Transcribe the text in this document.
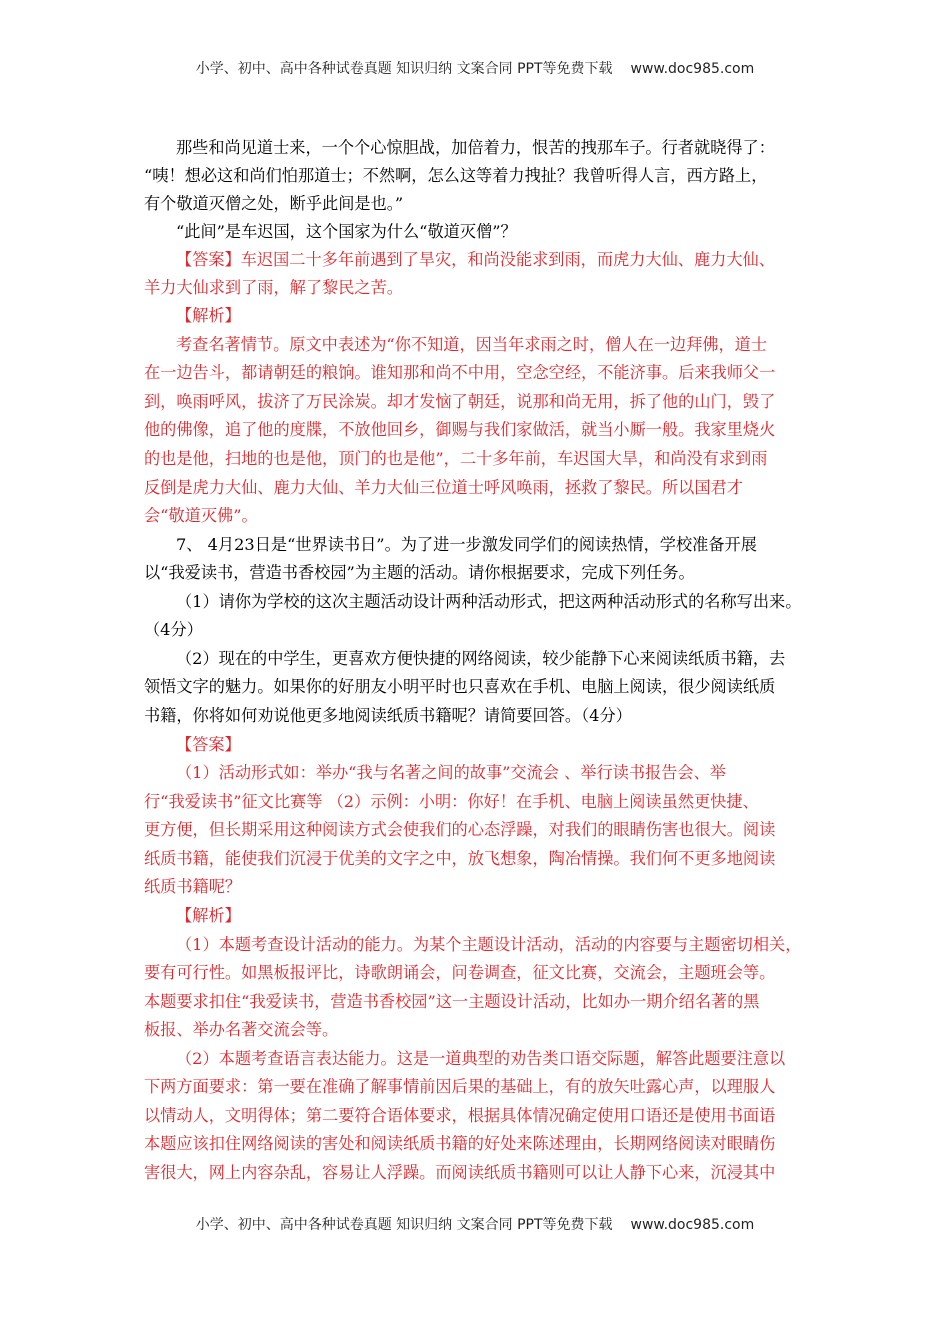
小学、初中、高中各种试卷真题 知识归纳 文案合同 PPT等免费下载 www.doc985.com
那些和尚见道士来，一个个心惊胆战，加倍着力，恨苦的拽那车子。行者就晓得了：
“咦！想必这和尚们怕那道士；不然啊，怎么这等着力拽扯？我曾听得人言，西方路上，
有个敬道灭僧之处，断乎此间是也。”
“此间”是车迟国，这个国家为什么“敬道灭僧”？
【答案】车迟国二十多年前遇到了旱灾，和尚没能求到雨，而虎力大仙、鹿力大仙、
羊力大仙求到了雨，解了黎民之苦。
【解析】
考查名著情节。原文中表述为“你不知道，因当年求雨之时，僧人在一边拜佛，道士
在一边告斗，都请朝廷的粮饷。谁知那和尚不中用，空念空经，不能济事。后来我师父一
到，唤雨呼风，拔济了万民涂炭。却才发恼了朝廷，说那和尚无用，拆了他的山门，毁了
他的佛像，追了他的度牒，不放他回乡，御赐与我们家做活，就当小厮一般。我家里烧火
的也是他，扫地的也是他，顶门的也是他”，二十多年前，车迟国大旱，和尚没有求到雨
反倒是虎力大仙、鹿力大仙、羊力大仙三位道士呼风唤雨，拯救了黎民。所以国君才
会“敬道灭佛”。
7、 4月23日是“世界读书日”。为了进一步激发同学们的阅读热情，学校准备开展
以“我爱读书，营造书香校园”为主题的活动。请你根据要求，完成下列任务。
（1）请你为学校的这次主题活动设计两种活动形式，把这两种活动形式的名称写出来。
（4分）
（2）现在的中学生，更喜欢方便快捷的网络阅读，较少能静下心来阅读纸质书籍，去
领悟文字的魅力。如果你的好朋友小明平时也只喜欢在手机、电脑上阅读，很少阅读纸质
书籍，你将如何劝说他更多地阅读纸质书籍呢？请简要回答。（4分）
【答案】
（1）活动形式如：举办“我与名著之间的故事”交流会 、举行读书报告会、举
行“我爱读书”征文比赛等 （2）示例：小明：你好！在手机、电脑上阅读虽然更快捷、
更方便，但长期采用这种阅读方式会使我们的心态浮躁，对我们的眼睛伤害也很大。阅读
纸质书籍，能使我们沉浸于优美的文字之中，放飞想象，陶冶情操。我们何不更多地阅读
纸质书籍呢？
【解析】
（1）本题考查设计活动的能力。为某个主题设计活动，活动的内容要与主题密切相关，
要有可行性。如黑板报评比，诗歌朗诵会，问卷调查，征文比赛，交流会，主题班会等。
本题要求扣住“我爱读书，营造书香校园”这一主题设计活动，比如办一期介绍名著的黑
板报、举办名著交流会等。
（2）本题考查语言表达能力。这是一道典型的劝告类口语交际题，解答此题要注意以
下两方面要求：第一要在准确了解事情前因后果的基础上，有的放矢吐露心声，以理服人
以情动人，文明得体；第二要符合语体要求，根据具体情况确定使用口语还是使用书面语
本题应该扣住网络阅读的害处和阅读纸质书籍的好处来陈述理由，长期网络阅读对眼睛伤
害很大，网上内容杂乱，容易让人浮躁。而阅读纸质书籍则可以让人静下心来，沉浸其中
小学、初中、高中各种试卷真题 知识归纳 文案合同 PPT等免费下载 www.doc985.com
